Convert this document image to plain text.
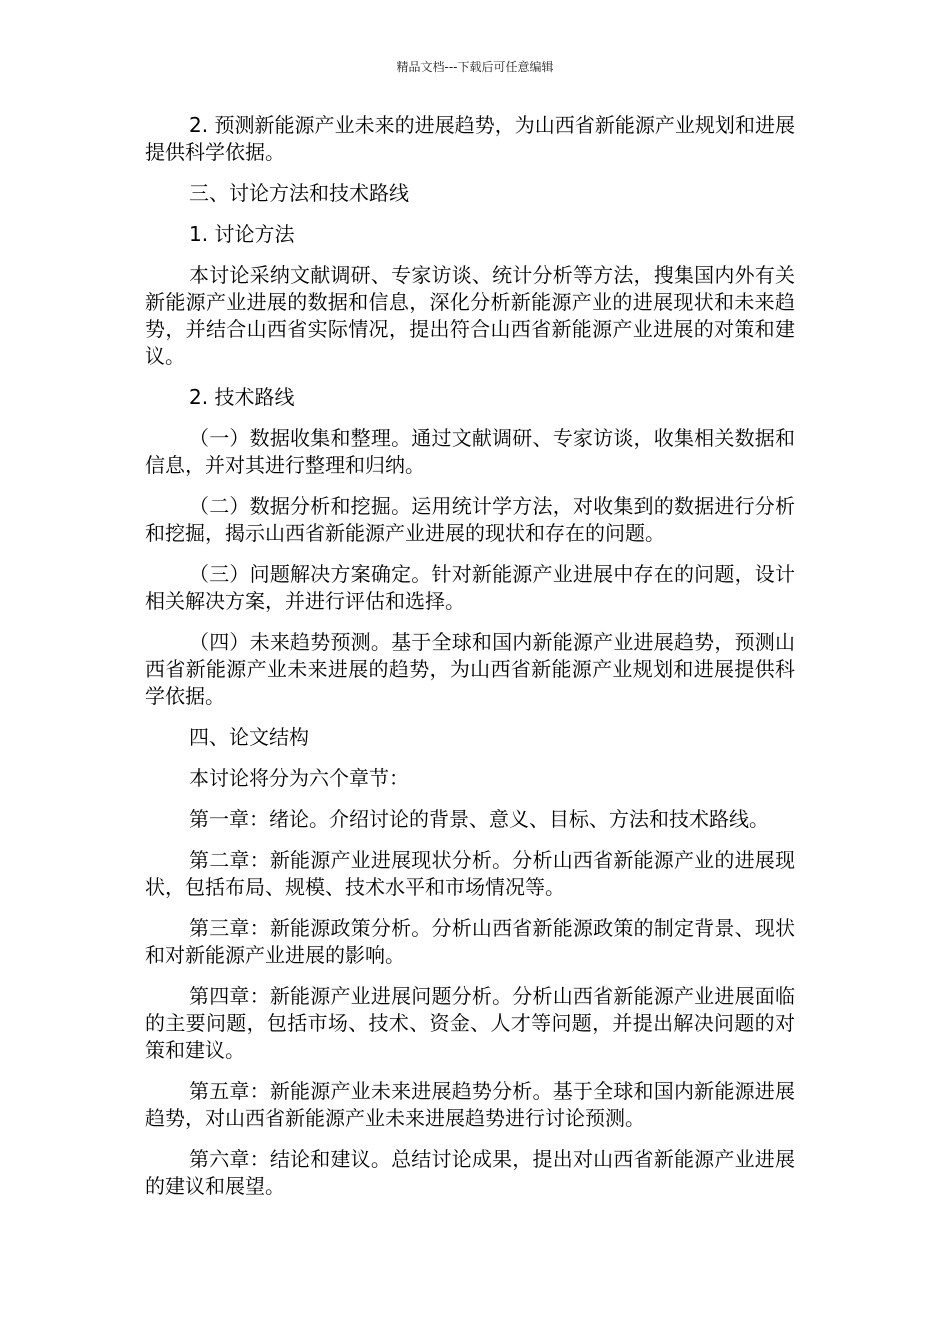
精品文档---下载后可任意编辑

2. 预测新能源产业未来的进展趋势，为山西省新能源产业规划和进展提供科学依据。

三、讨论方法和技术路线

1. 讨论方法

本讨论采纳文献调研、专家访谈、统计分析等方法，搜集国内外有关新能源产业进展的数据和信息，深化分析新能源产业的进展现状和未来趋势，并结合山西省实际情况，提出符合山西省新能源产业进展的对策和建议。

2. 技术路线

（一）数据收集和整理。通过文献调研、专家访谈，收集相关数据和信息，并对其进行整理和归纳。

（二）数据分析和挖掘。运用统计学方法，对收集到的数据进行分析和挖掘，揭示山西省新能源产业进展的现状和存在的问题。

（三）问题解决方案确定。针对新能源产业进展中存在的问题，设计相关解决方案，并进行评估和选择。

（四）未来趋势预测。基于全球和国内新能源产业进展趋势，预测山西省新能源产业未来进展的趋势，为山西省新能源产业规划和进展提供科学依据。

四、论文结构

本讨论将分为六个章节：

第一章：绪论。介绍讨论的背景、意义、目标、方法和技术路线。

第二章：新能源产业进展现状分析。分析山西省新能源产业的进展现状，包括布局、规模、技术水平和市场情况等。

第三章：新能源政策分析。分析山西省新能源政策的制定背景、现状和对新能源产业进展的影响。

第四章：新能源产业进展问题分析。分析山西省新能源产业进展面临的主要问题，包括市场、技术、资金、人才等问题，并提出解决问题的对策和建议。

第五章：新能源产业未来进展趋势分析。基于全球和国内新能源进展趋势，对山西省新能源产业未来进展趋势进行讨论预测。

第六章：结论和建议。总结讨论成果，提出对山西省新能源产业进展的建议和展望。
